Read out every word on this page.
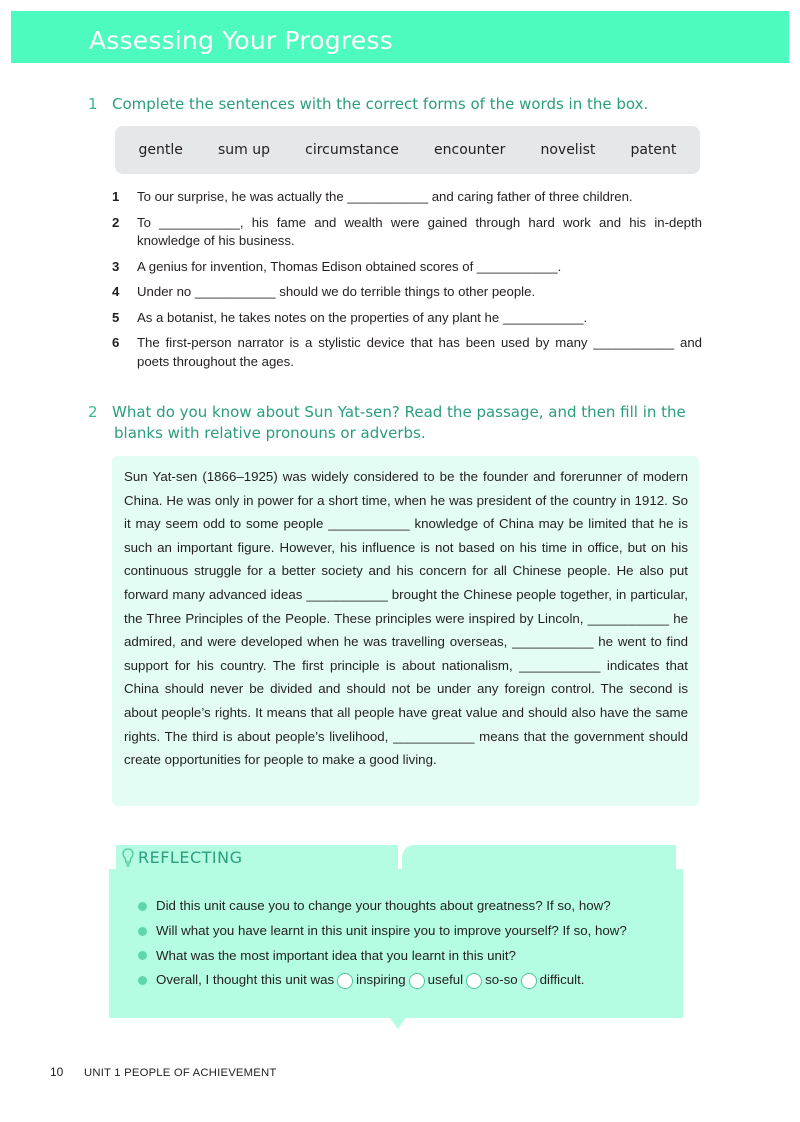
Assessing Your Progress
1 Complete the sentences with the correct forms of the words in the box.
gentle	sum up	circumstance	encounter	novelist	patent
1	To our surprise, he was actually the ___________ and caring father of three children.
2	To ___________, his fame and wealth were gained through hard work and his in-depth knowledge of his business.
3	A genius for invention, Thomas Edison obtained scores of ___________.
4	Under no ___________ should we do terrible things to other people.
5	As a botanist, he takes notes on the properties of any plant he ___________.
6	The first-person narrator is a stylistic device that has been used by many ___________ and poets throughout the ages.
2 What do you know about Sun Yat-sen? Read the passage, and then fill in the
blanks with relative pronouns or adverbs.

Sun Yat-sen (1866–1925) was widely considered to be the founder and forerunner of modern China. He was only in power for a short time, when he was president of the country in 1912. So it may seem odd to some people ___________ knowledge of China may be limited that he is such an important figure. However, his influence is not based on his time in office, but on his continuous struggle for a better society and his concern for all Chinese people. He also put forward many advanced ideas ___________ brought the Chinese people together, in particular, the Three Principles of the People. These principles were inspired by Lincoln, ___________ he admired, and were developed when he was travelling overseas, ___________ he went to find support for his country. The first principle is about nationalism, ___________ indicates that China should never be divided and should not be under any foreign control. The second is about people’s rights. It means that all people have great value and should also have the same rights. The third is about people’s livelihood, ___________ means that the government should create opportunities for people to make a good living.

REFLECTING
Did this unit cause you to change your thoughts about greatness? If so, how?
Will what you have learnt in this unit inspire you to improve yourself? If so, how?
What was the most important idea that you learnt in this unit?
Overall, I thought this unit was inspiring useful so-so difficult.
10 UNIT 1 PEOPLE OF ACHIEVEMENT
